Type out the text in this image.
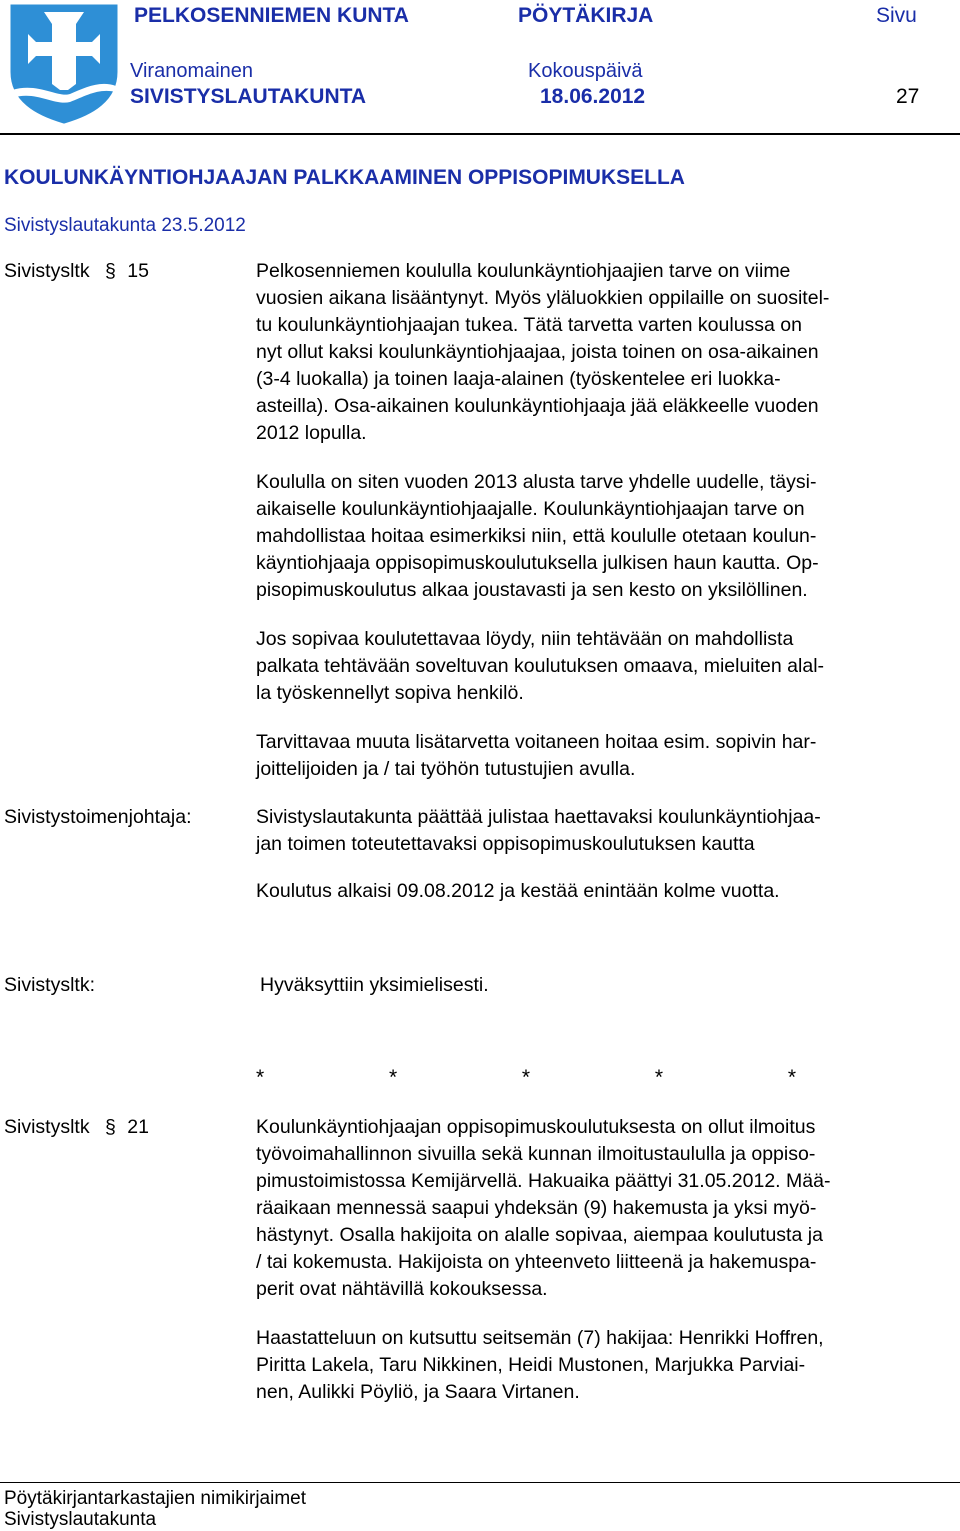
PELKOSENNIEMEN KUNTA	PÖYTÄKIRJA	Sivu
Viranomainen	Kokouspäivä
SIVISTYSLAUTAKUNTA	18.06.2012	27
KOULUNKÄYNTIOHJAAJAN PALKKAAMINEN OPPISOPIMUKSELLA
Sivistyslautakunta 23.5.2012
Sivistysltk § 15	Pelkosenniemen koululla koulunkäyntiohjaajien tarve on viime
vuosien aikana lisääntynyt. Myös yläluokkien oppilaille on suositel-
tu koulunkäyntiohjaajan tukea. Tätä tarvetta varten koulussa on
nyt ollut kaksi koulunkäyntiohjaajaa, joista toinen on osa-aikainen
(3-4 luokalla) ja toinen laaja-alainen (työskentelee eri luokka-
asteilla). Osa-aikainen koulunkäyntiohjaaja jää eläkkeelle vuoden
2012 lopulla.
Koululla on siten vuoden 2013 alusta tarve yhdelle uudelle, täysi-
aikaiselle koulunkäyntiohjaajalle. Koulunkäyntiohjaajan tarve on
mahdollistaa hoitaa esimerkiksi niin, että koululle otetaan koulun-
käyntiohjaaja oppisopimuskoulutuksella julkisen haun kautta. Op-
pisopimuskoulutus alkaa joustavasti ja sen kesto on yksilöllinen.
Jos sopivaa koulutettavaa löydy, niin tehtävään on mahdollista
palkata tehtävään soveltuvan koulutuksen omaava, mieluiten alal-
la työskennellyt sopiva henkilö.
Tarvittavaa muuta lisätarvetta voitaneen hoitaa esim. sopivin har-
joittelijoiden ja / tai työhön tutustujien avulla.
Sivistystoimenjohtaja:	Sivistyslautakunta päättää julistaa haettavaksi koulunkäyntiohjaa-
jan toimen toteutettavaksi oppisopimuskoulutuksen kautta
Koulutus alkaisi 09.08.2012 ja kestää enintään kolme vuotta.
Sivistysltk:	Hyväksyttiin yksimielisesti.
*	*	*	*	*
Sivistysltk § 21	Koulunkäyntiohjaajan oppisopimuskoulutuksesta on ollut ilmoitus
työvoimahallinnon sivuilla sekä kunnan ilmoitustaululla ja oppiso-
pimustoimistossa Kemijärvellä. Hakuaika päättyi 31.05.2012. Mää-
räaikaan mennessä saapui yhdeksän (9) hakemusta ja yksi myö-
hästynyt. Osalla hakijoita on alalle sopivaa, aiempaa koulutusta ja
/ tai kokemusta. Hakijoista on yhteenveto liitteenä ja hakemuspa-
perit ovat nähtävillä kokouksessa.
Haastatteluun on kutsuttu seitsemän (7) hakijaa: Henrikki Hoffren,
Piritta Lakela, Taru Nikkinen, Heidi Mustonen, Marjukka Parviai-
nen, Aulikki Pöyliö, ja Saara Virtanen.
Pöytäkirjantarkastajien nimikirjaimet
Sivistyslautakunta
